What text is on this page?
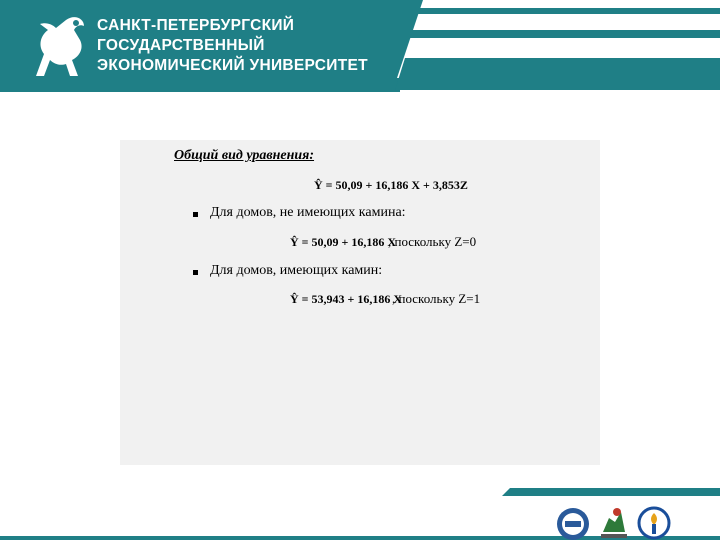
САНКТ-ПЕТЕРБУРГСКИЙ
ГОСУДАРСТВЕННЫЙ
ЭКОНОМИЧЕСКИЙ УНИВЕРСИТЕТ
Общий вид уравнения:
Ŷ = 50,09 + 16,186 X + 3,853Z
Для домов, не имеющих камина:
Ŷ = 50,09 + 16,186 X
, поскольку Z=0
Для домов, имеющих камин:
Ŷ = 53,943 + 16,186 X
, поскольку Z=1
